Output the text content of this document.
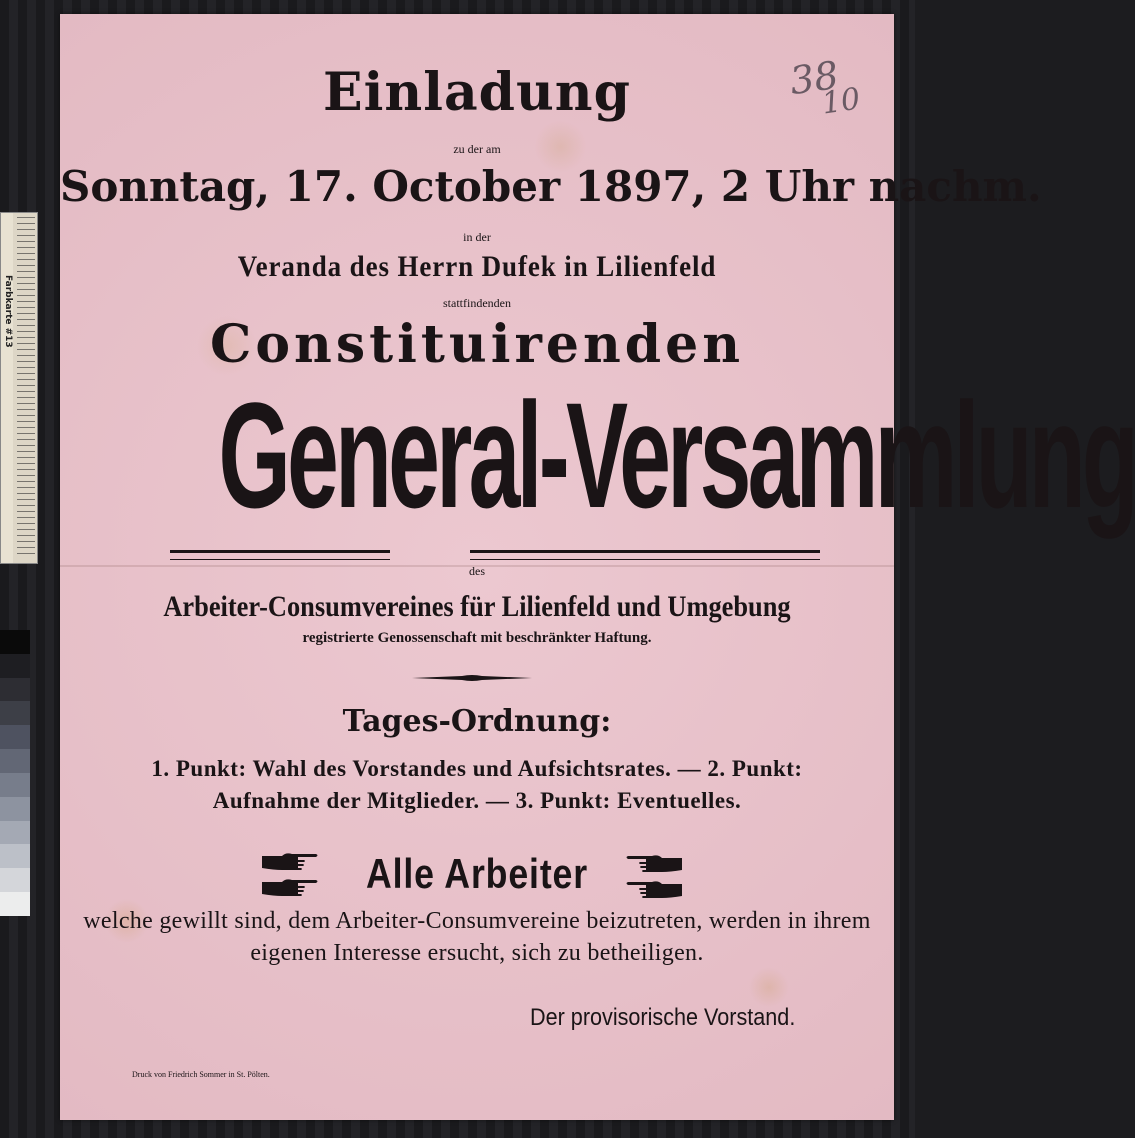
Farbkarte #13
38
10
Einladung
zu der am
Sonntag, 17. October 1897, 2 Uhr nachm.
in der
Veranda des Herrn Dufek in Lilienfeld
stattfindenden
Constituirenden
General-Versammlung
des
Arbeiter-Consumvereines für Lilienfeld und Umgebung
registrierte Genossenschaft mit beschränkter Haftung.
Tages-Ordnung:
1. Punkt: Wahl des Vorstandes und Aufsichtsrates. — 2. Punkt:
Aufnahme der Mitglieder. — 3. Punkt: Eventuelles.
Alle Arbeiter
welche gewillt sind, dem Arbeiter-Consumvereine beizutreten, werden in ihrem
eigenen Interesse ersucht, sich zu betheiligen.
Der provisorische Vorstand.
Druck von Friedrich Sommer in St. Pölten.
